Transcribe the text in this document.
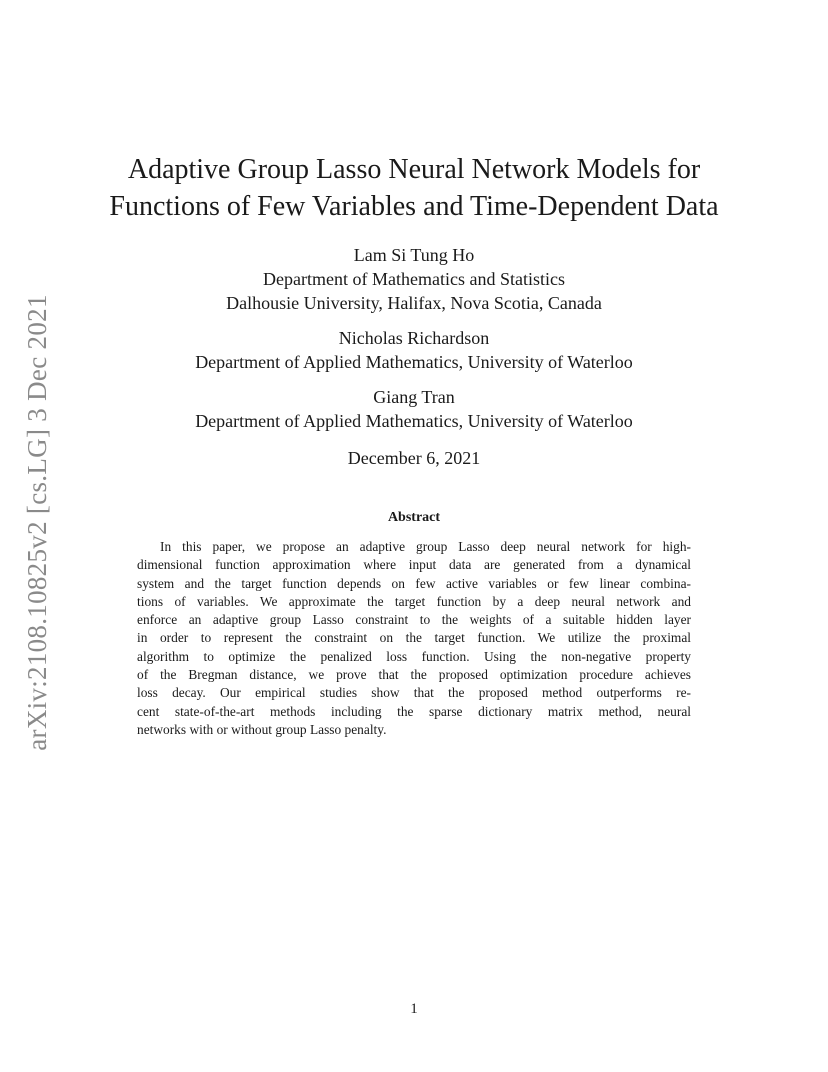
arXiv:2108.10825v2 [cs.LG] 3 Dec 2021
Adaptive Group Lasso Neural Network Models for
Functions of Few Variables and Time-Dependent Data
Lam Si Tung Ho
Department of Mathematics and Statistics
Dalhousie University, Halifax, Nova Scotia, Canada
Nicholas Richardson
Department of Applied Mathematics, University of Waterloo
Giang Tran
Department of Applied Mathematics, University of Waterloo
December 6, 2021
Abstract
In this paper, we propose an adaptive group Lasso deep neural network for high-
dimensional function approximation where input data are generated from a dynamical
system and the target function depends on few active variables or few linear combina-
tions of variables. We approximate the target function by a deep neural network and
enforce an adaptive group Lasso constraint to the weights of a suitable hidden layer
in order to represent the constraint on the target function. We utilize the proximal
algorithm to optimize the penalized loss function. Using the non-negative property
of the Bregman distance, we prove that the proposed optimization procedure achieves
loss decay. Our empirical studies show that the proposed method outperforms re-
cent state-of-the-art methods including the sparse dictionary matrix method, neural
networks with or without group Lasso penalty.
1
